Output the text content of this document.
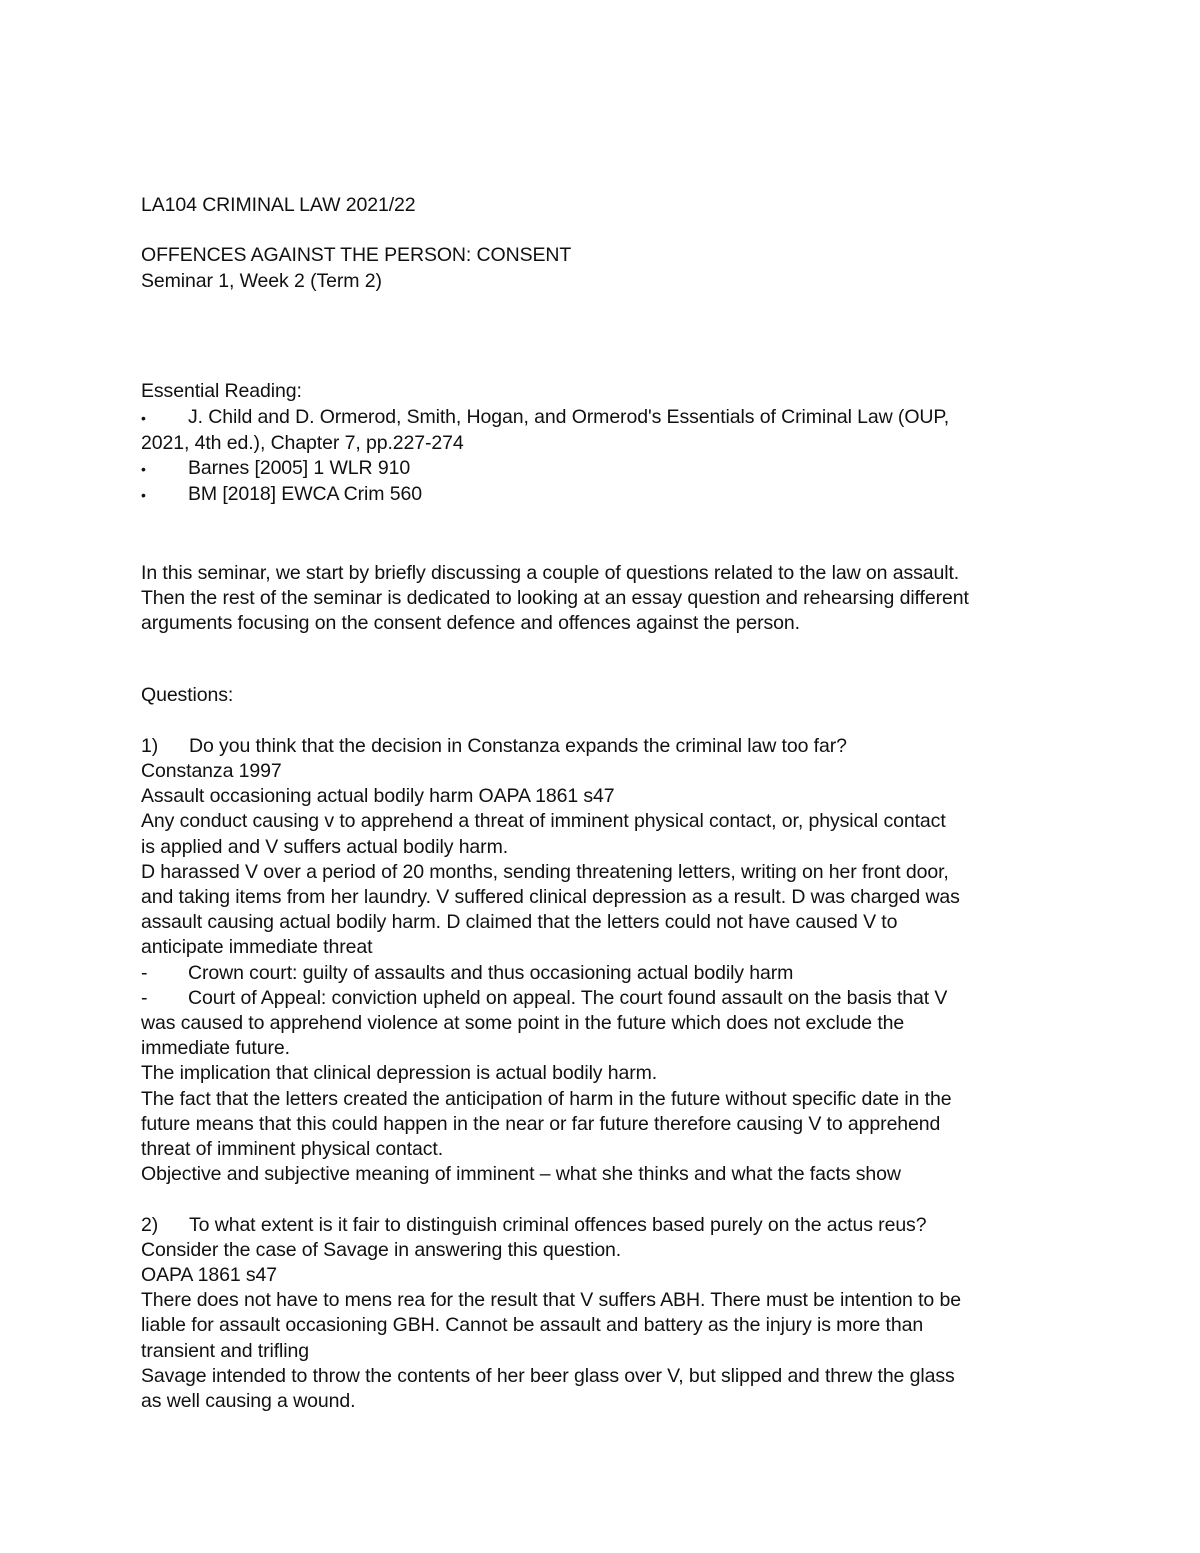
LA104 CRIMINAL LAW 2021/22
OFFENCES AGAINST THE PERSON: CONSENT
Seminar 1, Week 2 (Term 2)
Essential Reading:
• J. Child and D. Ormerod, Smith, Hogan, and Ormerod's Essentials of Criminal Law (OUP,
2021, 4th ed.), Chapter 7, pp.227-274
• Barnes [2005] 1 WLR 910
• BM [2018] EWCA Crim 560
In this seminar, we start by briefly discussing a couple of questions related to the law on assault.
Then the rest of the seminar is dedicated to looking at an essay question and rehearsing different
arguments focusing on the consent defence and offences against the person.
Questions:
1) Do you think that the decision in Constanza expands the criminal law too far?
Constanza 1997
Assault occasioning actual bodily harm OAPA 1861 s47
Any conduct causing v to apprehend a threat of imminent physical contact, or, physical contact
is applied and V suffers actual bodily harm.
D harassed V over a period of 20 months, sending threatening letters, writing on her front door,
and taking items from her laundry. V suffered clinical depression as a result. D was charged was
assault causing actual bodily harm. D claimed that the letters could not have caused V to
anticipate immediate threat
- Crown court: guilty of assaults and thus occasioning actual bodily harm
- Court of Appeal: conviction upheld on appeal. The court found assault on the basis that V
was caused to apprehend violence at some point in the future which does not exclude the
immediate future.
The implication that clinical depression is actual bodily harm.
The fact that the letters created the anticipation of harm in the future without specific date in the
future means that this could happen in the near or far future therefore causing V to apprehend
threat of imminent physical contact.
Objective and subjective meaning of imminent – what she thinks and what the facts show
2) To what extent is it fair to distinguish criminal offences based purely on the actus reus?
Consider the case of Savage in answering this question.
OAPA 1861 s47
There does not have to mens rea for the result that V suffers ABH. There must be intention to be
liable for assault occasioning GBH. Cannot be assault and battery as the injury is more than
transient and trifling
Savage intended to throw the contents of her beer glass over V, but slipped and threw the glass
as well causing a wound.
